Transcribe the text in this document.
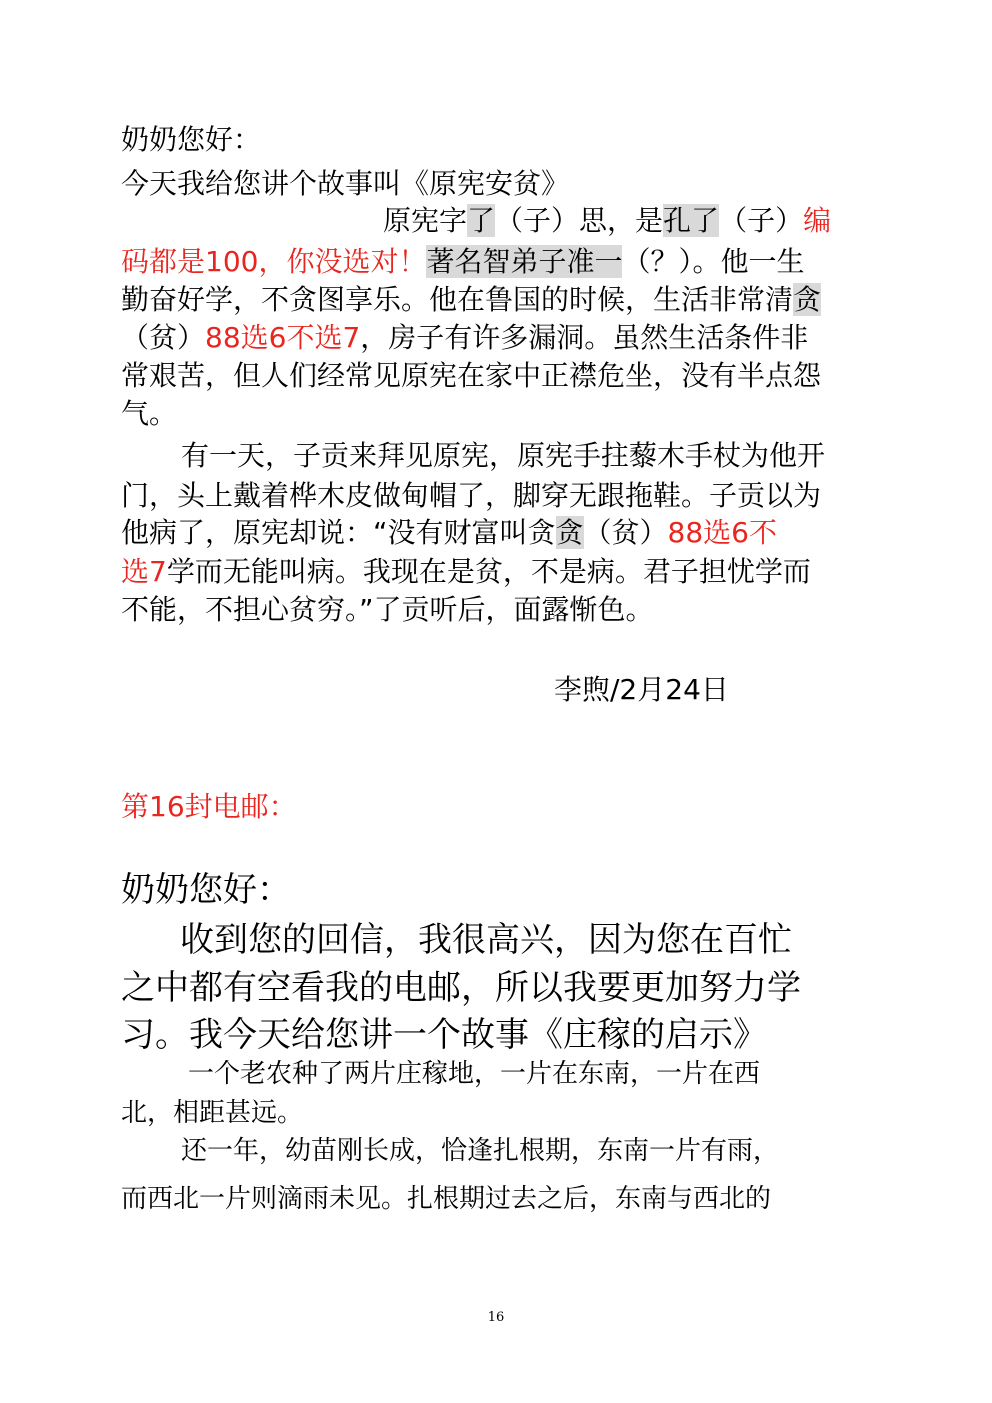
奶奶您好：
今天我给您讲个故事叫《原宪安贫》
原宪字了（子）思，是孔了（子）编
码都是100，你没选对！著名智弟子准一（？）。他一生
勤奋好学，不贪图享乐。他在鲁国的时候，生活非常清贪
（贫）88选6不选7，房子有许多漏洞。虽然生活条件非
常艰苦，但人们经常见原宪在家中正襟危坐，没有半点怨
气。
有一天，子贡来拜见原宪，原宪手拄藜木手杖为他开
门，头上戴着桦木皮做甸帽了，脚穿无跟拖鞋。子贡以为
他病了，原宪却说：“没有财富叫贪贪（贫）88选6不
选7学而无能叫病。我现在是贫，不是病。君子担忧学而
不能，不担心贫穷。”了贡听后，面露惭色。
李煦/2月24日
第16封电邮：
奶奶您好：
收到您的回信，我很高兴，因为您在百忙
之中都有空看我的电邮，所以我要更加努力学
习。我今天给您讲一个故事《庄稼的启示》
一个老农种了两片庄稼地，一片在东南，一片在西
北，相距甚远。
还一年，幼苗刚长成，恰逢扎根期，东南一片有雨，
而西北一片则滴雨未见。扎根期过去之后，东南与西北的
16
